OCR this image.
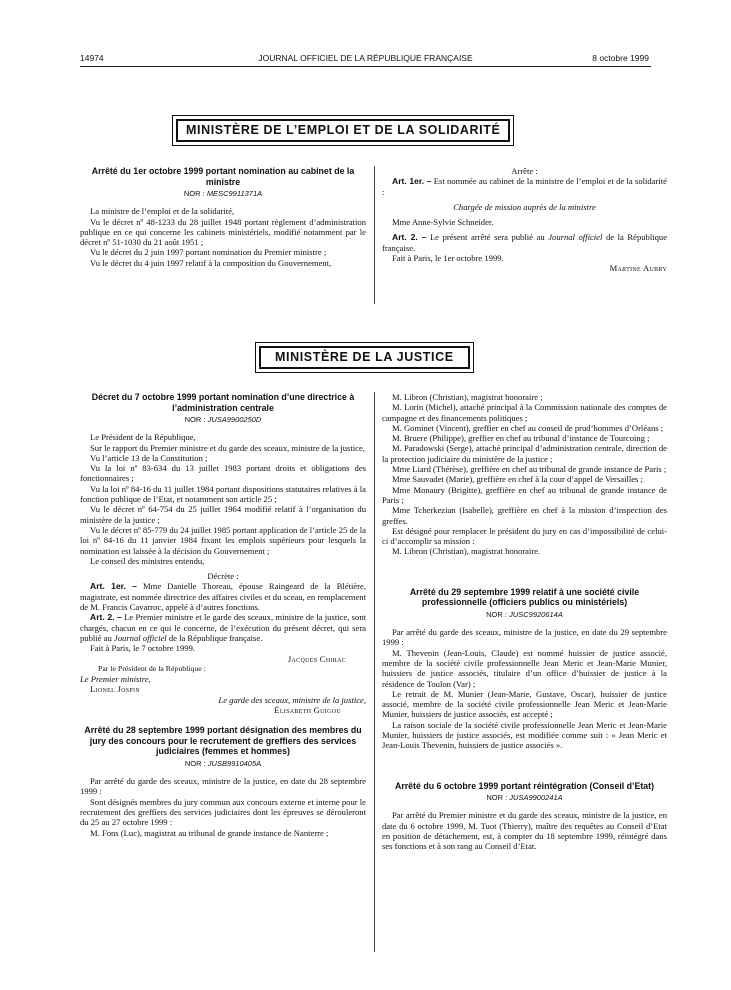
14974	JOURNAL OFFICIEL DE LA RÉPUBLIQUE FRANÇAISE	8 octobre 1999
MINISTÈRE DE L’EMPLOI ET DE LA SOLIDARITÉ
Arrêté du 1er octobre 1999 portant nomination au cabinet de la ministre
NOR : MESC9911371A

La ministre de l’emploi et de la solidarité,

Vu le décret nº 48-1233 du 28 juillet 1948 portant règlement d’administration publique en ce qui concerne les cabinets ministériels, modifié notamment par le décret nº 51-1030 du 21 août 1951 ;

Vu le décret du 2 juin 1997 portant nomination du Premier ministre ;

Vu le décret du 4 juin 1997 relatif à la composition du Gouvernement,

Arrête :

Art. 1er. – Est nommée au cabinet de la ministre de l’emploi et de la solidarité :

Chargée de mission auprès de la ministre

Mme Anne-Sylvie Schneider.

Art. 2. – Le présent arrêté sera publié au Journal officiel de la République française.

Fait à Paris, le 1er octobre 1999.

Martine Aubry

MINISTÈRE DE LA JUSTICE
Décret du 7 octobre 1999 portant nomination d’une directrice à l’administration centrale
NOR : JUSA9900250D

Le Président de la République,

Sur le rapport du Premier ministre et du garde des sceaux, ministre de la justice,

Vu l’article 13 de la Constitution ;

Vu la loi nº 83-634 du 13 juillet 1983 portant droits et obligations des fonctionnaires ;

Vu la loi nº 84-16 du 11 juillet 1984 portant dispositions statutaires relatives à la fonction publique de l’Etat, et notamment son article 25 ;

Vu le décret nº 64-754 du 25 juillet 1964 modifié relatif à l’organisation du ministère de la justice ;

Vu le décret nº 85-779 du 24 juillet 1985 portant application de l’article 25 de la loi nº 84-16 du 11 janvier 1984 fixant les emplois supérieurs pour lesquels la nomination est laissée à la décision du Gouvernement ;

Le conseil des ministres entendu,

Décrète :

Art. 1er. – Mme Danielle Thoreau, épouse Raingeard de la Blétière, magistrate, est nommée directrice des affaires civiles et du sceau, en remplacement de M. Francis Cavarroc, appelé à d’autres fonctions.

Art. 2. – Le Premier ministre et le garde des sceaux, ministre de la justice, sont chargés, chacun en ce qui le concerne, de l’exécution du présent décret, qui sera publié au Journal officiel de la République française.

Fait à Paris, le 7 octobre 1999.

Jacques Chirac

Par le Président de la République :

Le Premier ministre,

Lionel Jospin

Le garde des sceaux, ministre de la justice,

Élisabeth Guigou

Arrêté du 28 septembre 1999 portant désignation des membres du jury des concours pour le recrutement de greffiers des services judiciaires (femmes et hommes)
NOR : JUSB9910405A

Par arrêté du garde des sceaux, ministre de la justice, en date du 28 septembre 1999 :

Sont désignés membres du jury commun aux concours externe et interne pour le recrutement des greffiers des services judiciaires dont les épreuves se dérouleront du 25 au 27 octobre 1999 :

M. Fons (Luc), magistrat au tribunal de grande instance de Nanterre ;

M. Libron (Christian), magistrat honoraire ;

M. Lorin (Michel), attaché principal à la Commission nationale des comptes de campagne et des financements politiques ;

M. Gominet (Vincent), greffier en chef au conseil de prud’hommes d’Orléans ;

M. Bruere (Philippe), greffier en chef au tribunal d’instance de Tourcoing ;

M. Paradowski (Serge), attaché principal d’administration centrale, direction de la protection judiciaire du ministère de la justice ;

Mme Liard (Thérèse), greffière en chef au tribunal de grande instance de Paris ;

Mme Sauvadet (Marie), greffière en chef à la cour d’appel de Versailles ;

Mme Monaury (Brigitte), greffière en chef au tribunal de grande instance de Paris ;

Mme Tcherkezian (Isabelle), greffière en chef à la mission d’inspection des greffes.

Est désigné pour remplacer le président du jury en cas d’impossibilité de celui-ci d’accomplir sa mission :

M. Libron (Christian), magistrat honoraire.

Arrêté du 29 septembre 1999 relatif à une société civile professionnelle (officiers publics ou ministériels)
NOR : JUSC9920614A

Par arrêté du garde des sceaux, ministre de la justice, en date du 29 septembre 1999 :

M. Thevenin (Jean-Louis, Claude) est nommé huissier de justice associé, membre de la société civile professionnelle Jean Meric et Jean-Marie Munier, huissiers de justice associés, titulaire d’un office d’huissier de justice à la résidence de Toulon (Var) ;

Le retrait de M. Munier (Jean-Marie, Gustave, Oscar), huissier de justice associé, membre de la société civile professionnelle Jean Meric et Jean-Marie Munier, huissiers de justice associés, est accepté ;

La raison sociale de la société civile professionnelle Jean Meric et Jean-Marie Munier, huissiers de justice associés, est modifiée comme suit : « Jean Meric et Jean-Louis Thevenin, huissiers de justice associés ».

Arrêté du 6 octobre 1999 portant réintégration (Conseil d’Etat)
NOR : JUSA9900241A

Par arrêté du Premier ministre et du garde des sceaux, ministre de la justice, en date du 6 octobre 1999, M. Tuot (Thierry), maître des requêtes au Conseil d’Etat en position de détachement, est, à compter du 18 septembre 1999, réintégré dans ses fonctions et à son rang au Conseil d’Etat.
